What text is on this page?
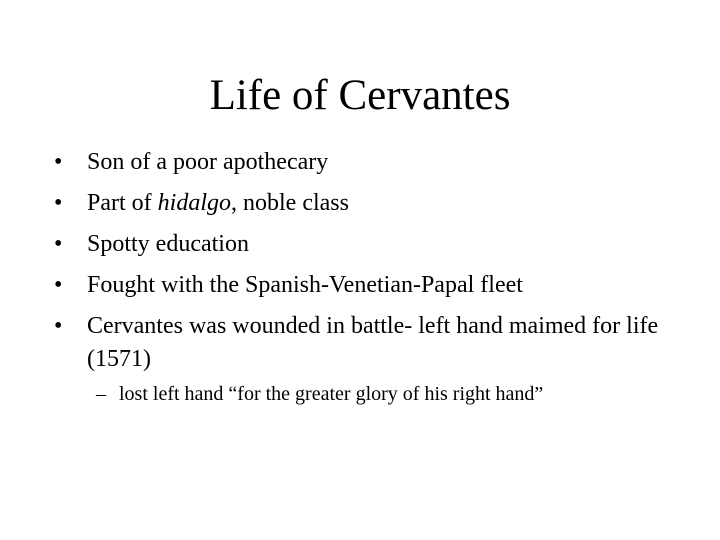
Life of Cervantes
•	Son of a poor apothecary
•	Part of hidalgo, noble class
•	Spotty education
•	Fought with the Spanish-Venetian-Papal fleet
•	Cervantes was wounded in battle- left hand maimed for life (1571)
– lost left hand “for the greater glory of his right hand”
